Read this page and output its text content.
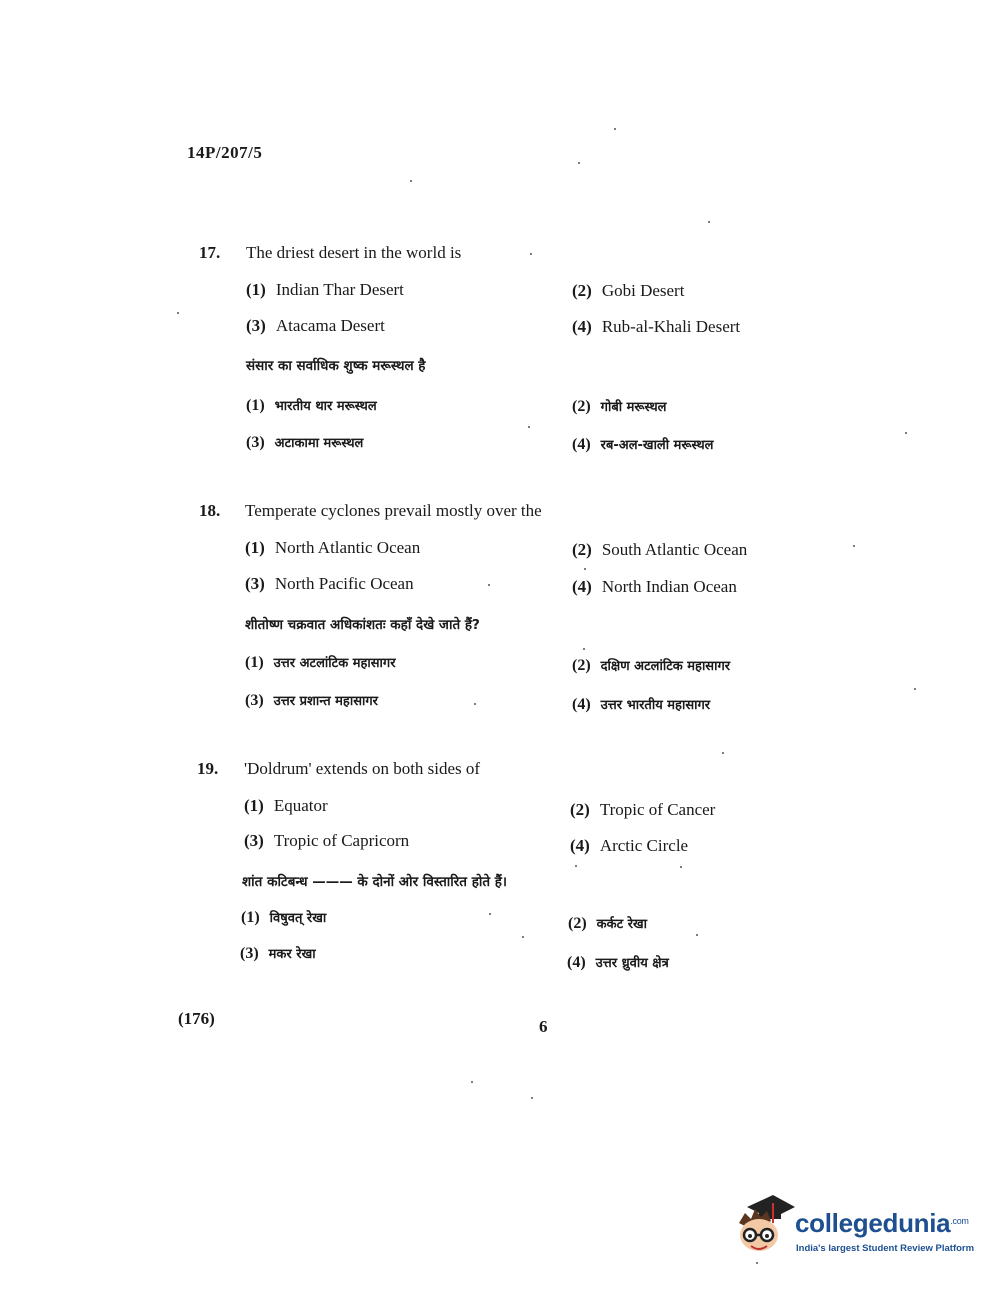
14P/207/5
17. The driest desert in the world is
(1) Indian Thar Desert	(2) Gobi Desert
(3) Atacama Desert	(4) Rub-al-Khali Desert
संसार का सर्वाधिक शुष्क मरूस्थल है
(1) भारतीय थार मरूस्थल	(2) गोबी मरूस्थल
(3) अटाकामा मरूस्थल	(4) रब-अल-खाली मरूस्थल
18. Temperate cyclones prevail mostly over the
(1) North Atlantic Ocean	(2) South Atlantic Ocean
(3) North Pacific Ocean	(4) North Indian Ocean
शीतोष्ण चक्रवात अधिकांशतः कहाँ देखे जाते हैं?
(1) उत्तर अटलांटिक महासागर	(2) दक्षिण अटलांटिक महासागर
(3) उत्तर प्रशान्त महासागर	(4) उत्तर भारतीय महासागर
19. 'Doldrum' extends on both sides of
(1) Equator	(2) Tropic of Cancer
(3) Tropic of Capricorn	(4) Arctic Circle
शांत कटिबन्ध ——— के दोनों ओर विस्तारित होते हैं।
(1) विषुवत् रेखा	(2) कर्कट रेखा
(3) मकर रेखा	(4) उत्तर ध्रुवीय क्षेत्र
(176)	6
collegedunia$^{.com}$
India's largest Student Review Platform
